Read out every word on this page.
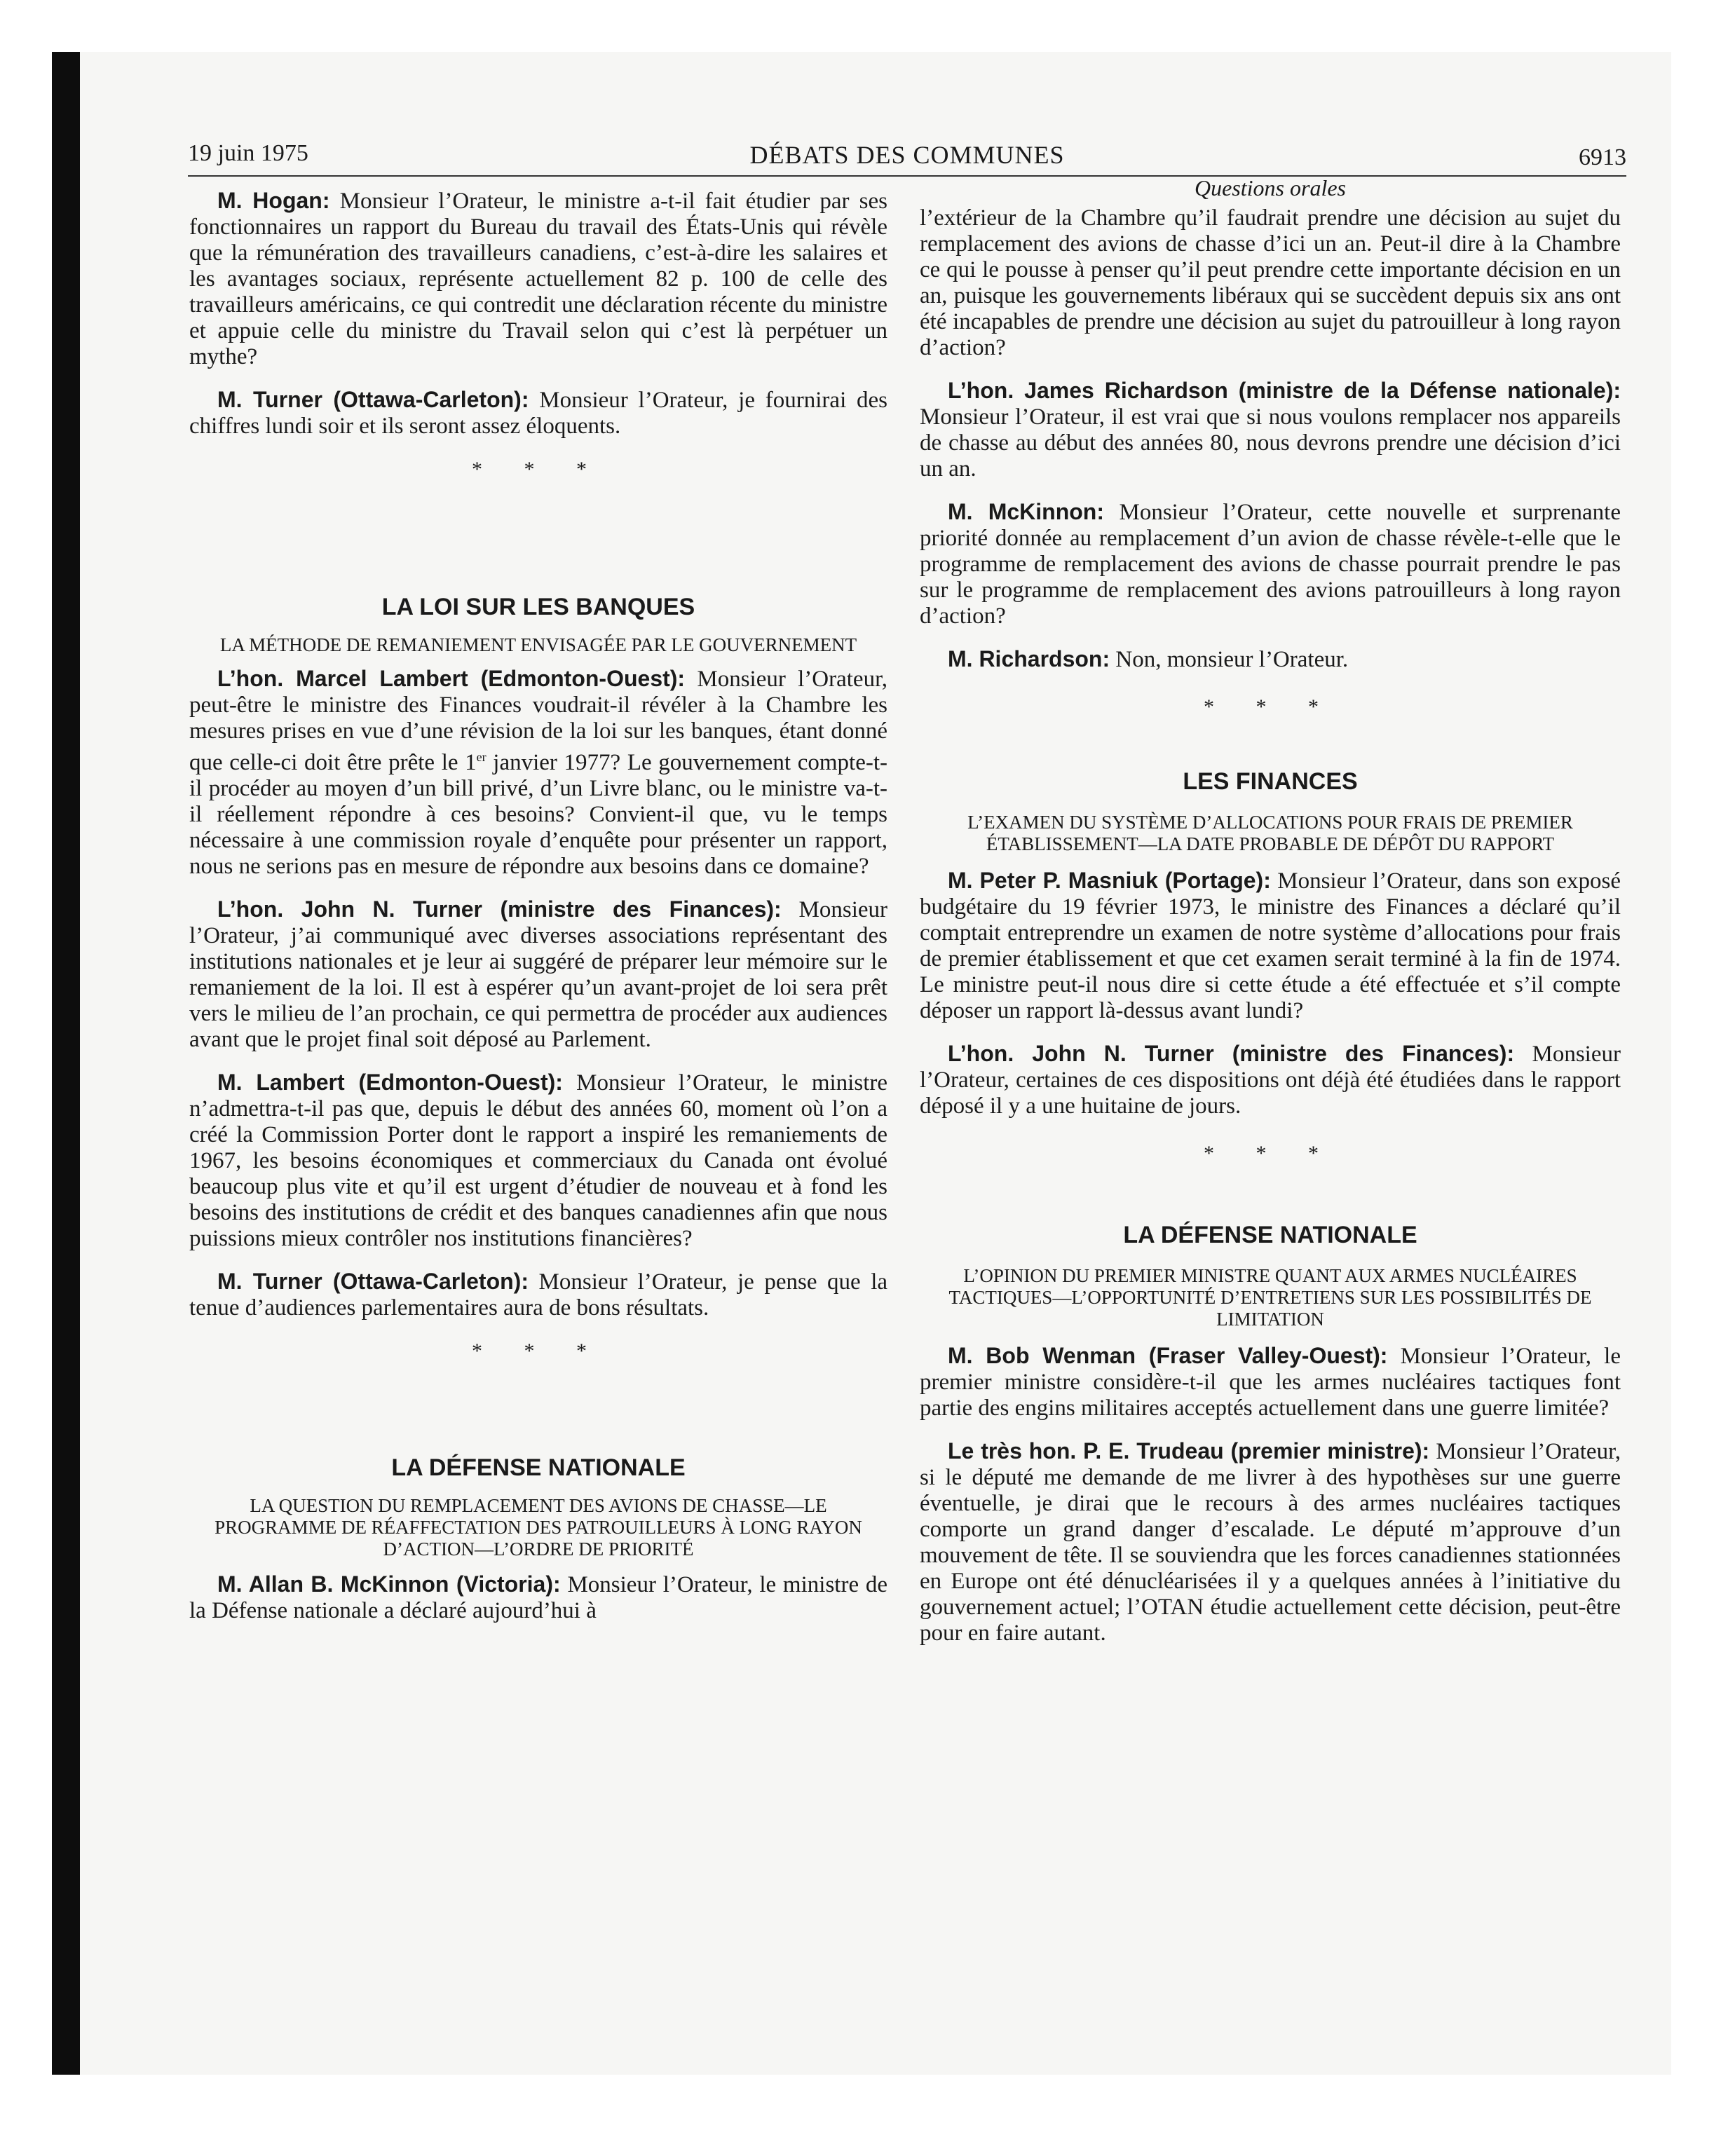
19 juin 1975	DÉBATS DES COMMUNES	6913

M. Hogan: Monsieur l’Orateur, le ministre a-t-il fait étudier par ses fonctionnaires un rapport du Bureau du travail des États-Unis qui révèle que la rémunération des travailleurs canadiens, c’est-à-dire les salaires et les avantages sociaux, représente actuellement 82 p. 100 de celle des travailleurs américains, ce qui contredit une déclaration récente du ministre et appuie celle du ministre du Travail selon qui c’est là perpétuer un mythe?

M. Turner (Ottawa-Carleton): Monsieur l’Orateur, je fournirai des chiffres lundi soir et ils seront assez éloquents.

* * *

LA LOI SUR LES BANQUES

LA MÉTHODE DE REMANIEMENT ENVISAGÉE PAR LE GOUVERNEMENT

L’hon. Marcel Lambert (Edmonton-Ouest): Monsieur l’Orateur, peut-être le ministre des Finances voudrait-il révéler à la Chambre les mesures prises en vue d’une révision de la loi sur les banques, étant donné que celle-ci doit être prête le 1er janvier 1977? Le gouvernement compte-t-il procéder au moyen d’un bill privé, d’un Livre blanc, ou le ministre va-t-il réellement répondre à ces besoins? Convient-il que, vu le temps nécessaire à une commission royale d’enquête pour présenter un rapport, nous ne serions pas en mesure de répondre aux besoins dans ce domaine?

L’hon. John N. Turner (ministre des Finances): Monsieur l’Orateur, j’ai communiqué avec diverses associations représentant des institutions nationales et je leur ai suggéré de préparer leur mémoire sur le remaniement de la loi. Il est à espérer qu’un avant-projet de loi sera prêt vers le milieu de l’an prochain, ce qui permettra de procéder aux audiences avant que le projet final soit déposé au Parlement.

M. Lambert (Edmonton-Ouest): Monsieur l’Orateur, le ministre n’admettra-t-il pas que, depuis le début des années 60, moment où l’on a créé la Commission Porter dont le rapport a inspiré les remaniements de 1967, les besoins économiques et commerciaux du Canada ont évolué beaucoup plus vite et qu’il est urgent d’étudier de nouveau et à fond les besoins des institutions de crédit et des banques canadiennes afin que nous puissions mieux contrôler nos institutions financières?

M. Turner (Ottawa-Carleton): Monsieur l’Orateur, je pense que la tenue d’audiences parlementaires aura de bons résultats.

* * *

LA DÉFENSE NATIONALE

LA QUESTION DU REMPLACEMENT DES AVIONS DE CHASSE—LE PROGRAMME DE RÉAFFECTATION DES PATROUILLEURS À LONG RAYON D’ACTION—L’ORDRE DE PRIORITÉ

M. Allan B. McKinnon (Victoria): Monsieur l’Orateur, le ministre de la Défense nationale a déclaré aujourd’hui à

Questions orales

l’extérieur de la Chambre qu’il faudrait prendre une décision au sujet du remplacement des avions de chasse d’ici un an. Peut-il dire à la Chambre ce qui le pousse à penser qu’il peut prendre cette importante décision en un an, puisque les gouvernements libéraux qui se succèdent depuis six ans ont été incapables de prendre une décision au sujet du patrouilleur à long rayon d’action?

L’hon. James Richardson (ministre de la Défense nationale): Monsieur l’Orateur, il est vrai que si nous voulons remplacer nos appareils de chasse au début des années 80, nous devrons prendre une décision d’ici un an.

M. McKinnon: Monsieur l’Orateur, cette nouvelle et surprenante priorité donnée au remplacement d’un avion de chasse révèle-t-elle que le programme de remplacement des avions de chasse pourrait prendre le pas sur le programme de remplacement des avions patrouilleurs à long rayon d’action?

M. Richardson: Non, monsieur l’Orateur.

* * *

LES FINANCES

L’EXAMEN DU SYSTÈME D’ALLOCATIONS POUR FRAIS DE PREMIER ÉTABLISSEMENT—LA DATE PROBABLE DE DÉPÔT DU RAPPORT

M. Peter P. Masniuk (Portage): Monsieur l’Orateur, dans son exposé budgétaire du 19 février 1973, le ministre des Finances a déclaré qu’il comptait entreprendre un examen de notre système d’allocations pour frais de premier établissement et que cet examen serait terminé à la fin de 1974. Le ministre peut-il nous dire si cette étude a été effectuée et s’il compte déposer un rapport là-dessus avant lundi?

L’hon. John N. Turner (ministre des Finances): Monsieur l’Orateur, certaines de ces dispositions ont déjà été étudiées dans le rapport déposé il y a une huitaine de jours.

* * *

LA DÉFENSE NATIONALE

L’OPINION DU PREMIER MINISTRE QUANT AUX ARMES NUCLÉAIRES TACTIQUES—L’OPPORTUNITÉ D’ENTRETIENS SUR LES POSSIBILITÉS DE LIMITATION

M. Bob Wenman (Fraser Valley-Ouest): Monsieur l’Orateur, le premier ministre considère-t-il que les armes nucléaires tactiques font partie des engins militaires acceptés actuellement dans une guerre limitée?

Le très hon. P. E. Trudeau (premier ministre): Monsieur l’Orateur, si le député me demande de me livrer à des hypothèses sur une guerre éventuelle, je dirai que le recours à des armes nucléaires tactiques comporte un grand danger d’escalade. Le député m’approuve d’un mouvement de tête. Il se souviendra que les forces canadiennes stationnées en Europe ont été dénucléarisées il y a quelques années à l’initiative du gouvernement actuel; l’OTAN étudie actuellement cette décision, peut-être pour en faire autant.
